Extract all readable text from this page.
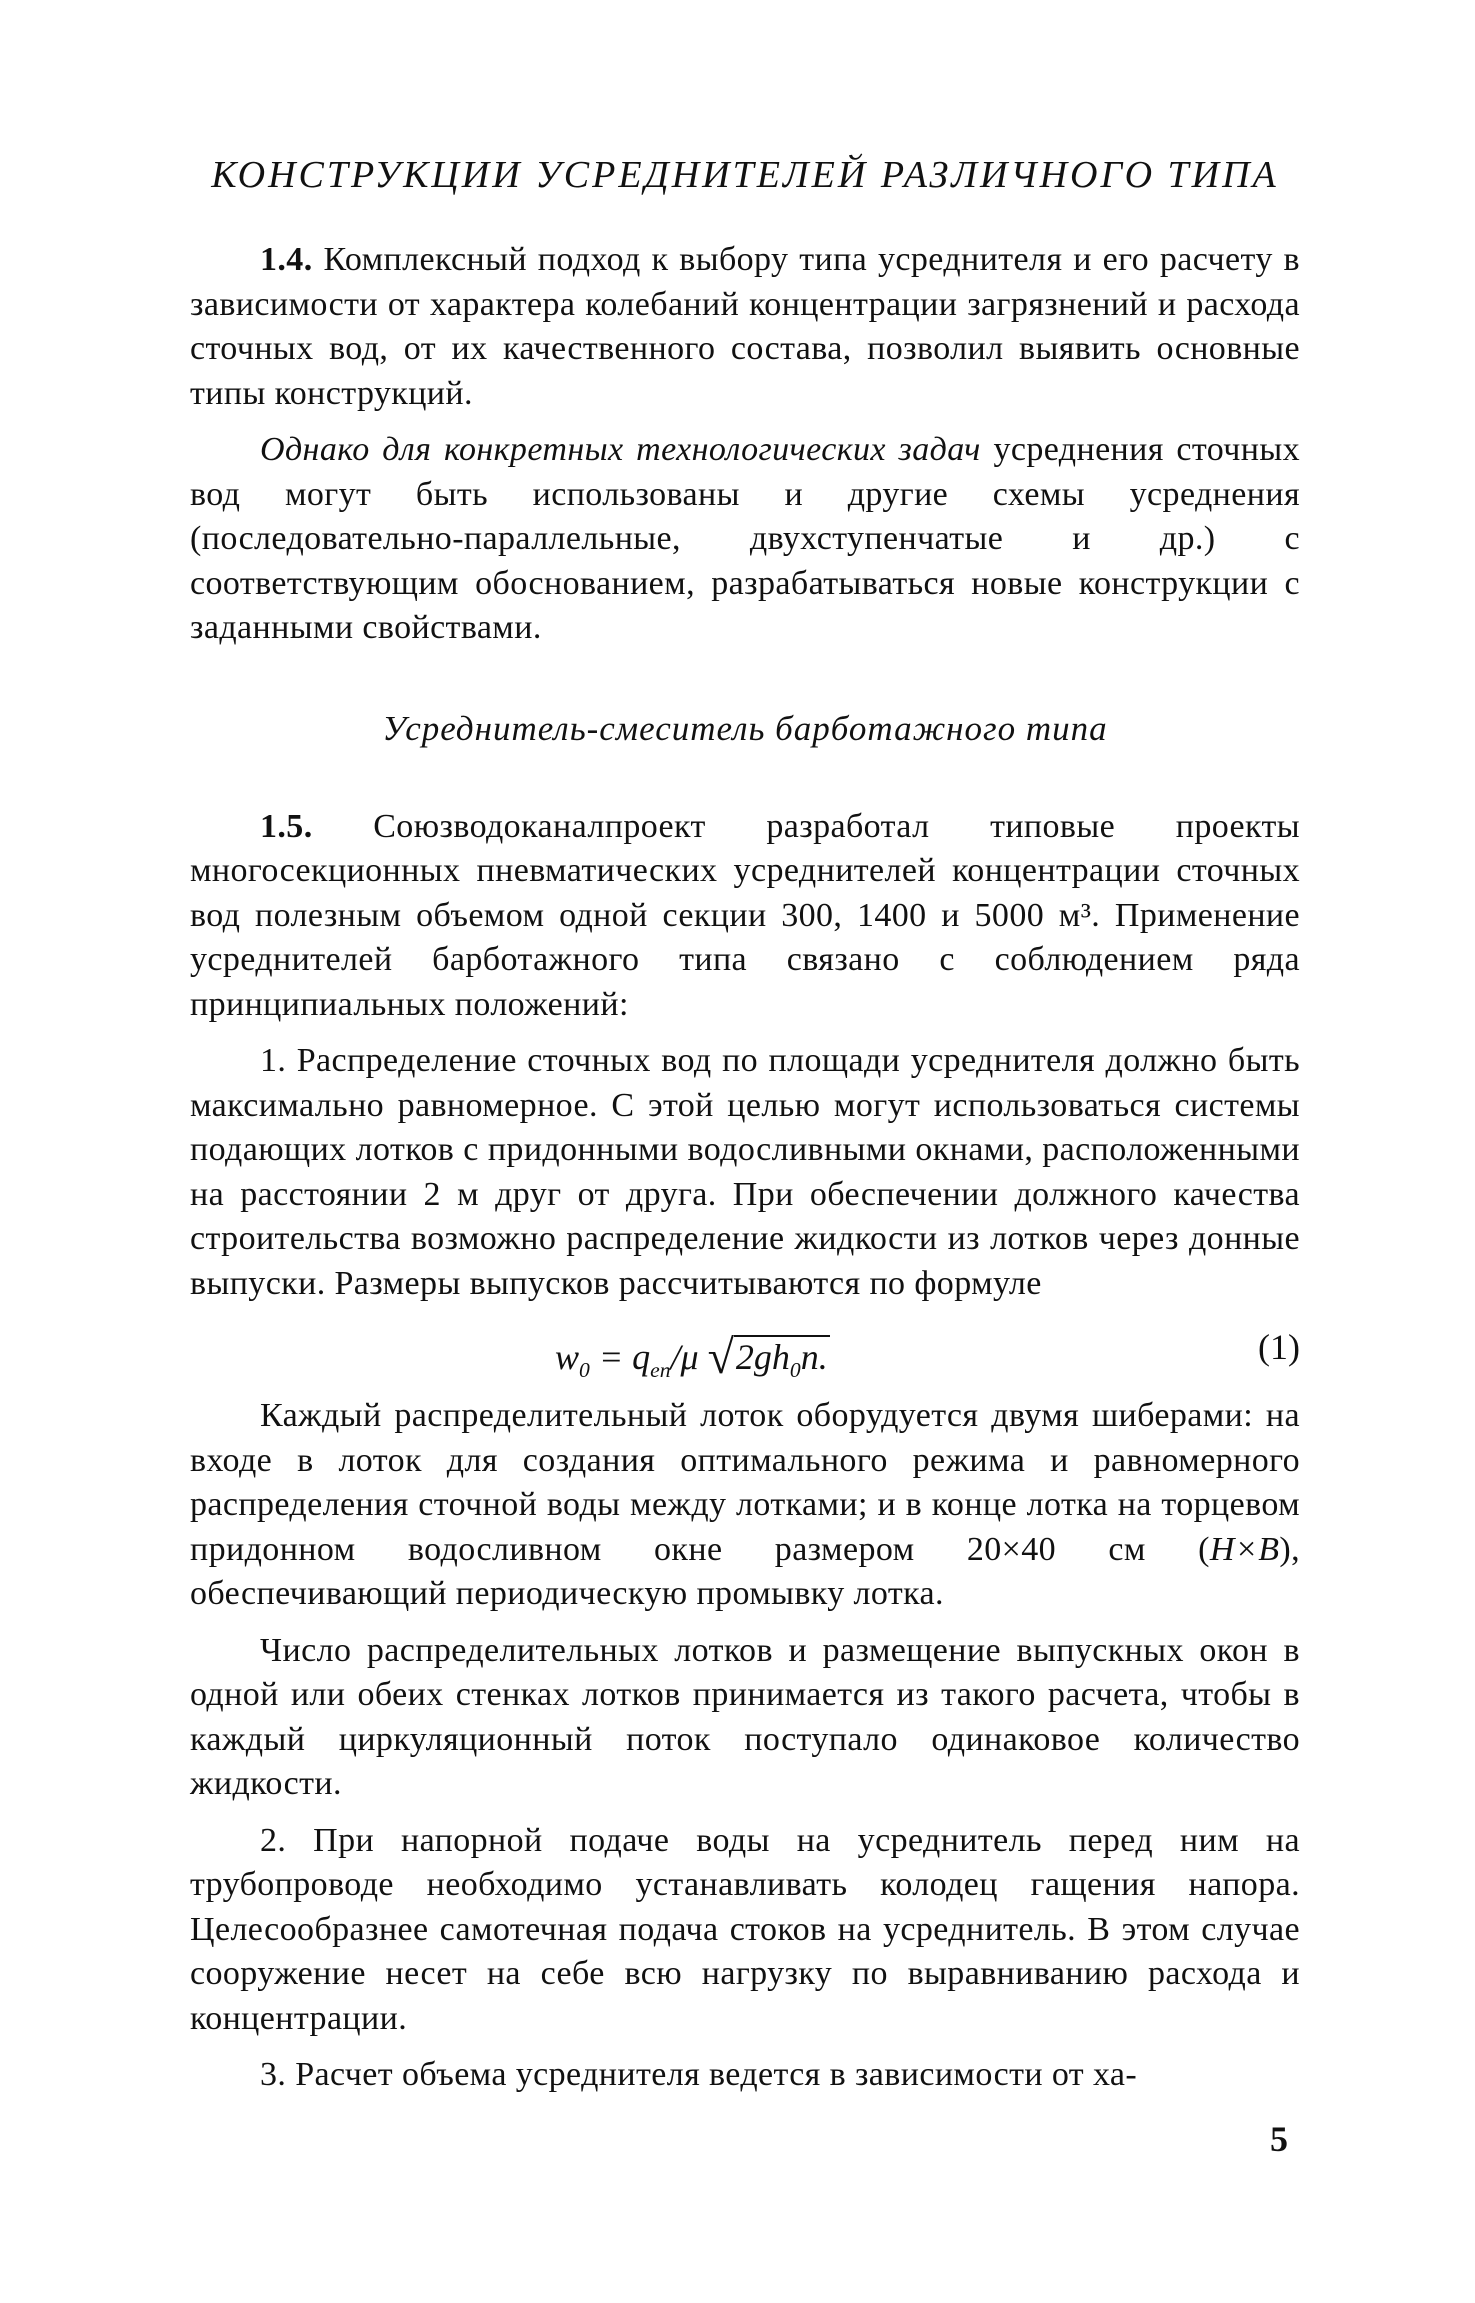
КОНСТРУКЦИИ УСРЕДНИТЕЛЕЙ РАЗЛИЧНОГО ТИПА

1.4. Комплексный подход к выбору типа усреднителя и его расчету в зависимости от характера колебаний концентрации загрязнений и расхода сточных вод, от их качественного состава, позволил выявить основные типы конструкций.

Однако для конкретных технологических задач усреднения сточных вод могут быть использованы и другие схемы усреднения (последовательно-параллельные, двухступенчатые и др.) с соответствующим обоснованием, разрабатываться новые конструкции с заданными свойствами.

Усреднитель-смеситель барботажного типа

1.5. Союзводоканалпроект разработал типовые проекты многосекционных пневматических усреднителей концентрации сточных вод полезным объемом одной секции 300, 1400 и 5000 м³. Применение усреднителей барботажного типа связано с соблюдением ряда принципиальных положений:

1. Распределение сточных вод по площади усреднителя должно быть максимально равномерное. С этой целью могут использоваться системы подающих лотков с придонными водосливными окнами, расположенными на расстоянии 2 м друг от друга. При обеспечении должного качества строительства возможно распределение жидкости из лотков через донные выпуски. Размеры выпусков рассчитываются по формуле

$w_0 = q_{en}/\mu$ $√2gh_0n$.	(1)

Каждый распределительный лоток оборудуется двумя шиберами: на входе в лоток для создания оптимального режима и равномерного распределения сточной воды между лотками; и в конце лотка на торцевом придонном водосливном окне размером 20×40 см (H×B), обеспечивающий периодическую промывку лотка.

Число распределительных лотков и размещение выпускных окон в одной или обеих стенках лотков принимается из такого расчета, чтобы в каждый циркуляционный поток поступало одинаковое количество жидкости.

2. При напорной подаче воды на усреднитель перед ним на трубопроводе необходимо устанавливать колодец гащения напора. Целесообразнее самотечная подача стоков на усреднитель. В этом случае сооружение несет на себе всю нагрузку по выравниванию расхода и концентрации.

3. Расчет объема усреднителя ведется в зависимости от ха-

5
